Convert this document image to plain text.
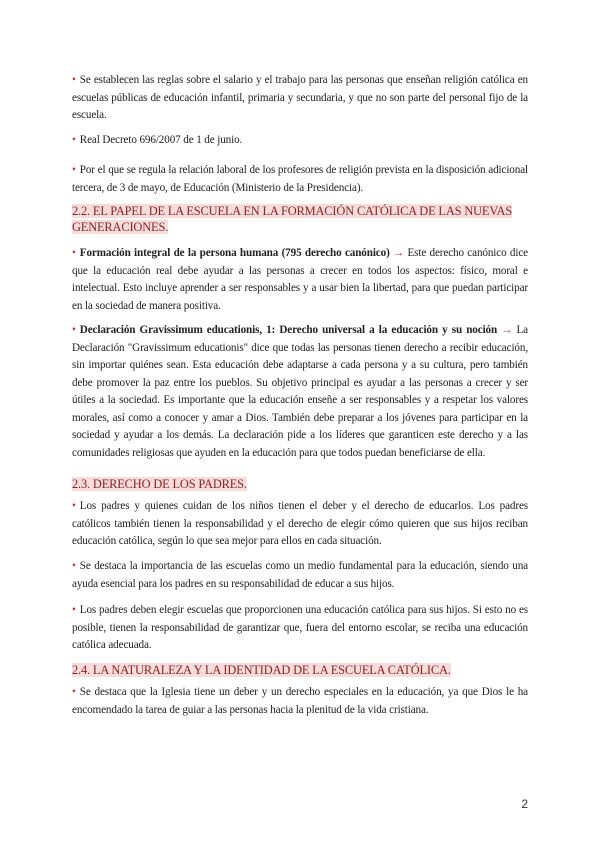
• Se establecen las reglas sobre el salario y el trabajo para las personas que enseñan religión católica en escuelas públicas de educación infantil, primaria y secundaria, y que no son parte del personal fijo de la escuela.

• Real Decreto 696/2007 de 1 de junio.

• Por el que se regula la relación laboral de los profesores de religión prevista en la disposición adicional tercera, de 3 de mayo, de Educación (Ministerio de la Presidencia).

2.2. EL PAPEL DE LA ESCUELA EN LA FORMACIÓN CATÓLICA DE LAS NUEVAS GENERACIONES.

• Formación integral de la persona humana (795 derecho canónico) → Este derecho canónico dice que la educación real debe ayudar a las personas a crecer en todos los aspectos: físico, moral e intelectual. Esto incluye aprender a ser responsables y a usar bien la libertad, para que puedan participar en la sociedad de manera positiva.

• Declaración Gravissimum educationis, 1: Derecho universal a la educación y su noción → La Declaración "Gravissimum educationis" dice que todas las personas tienen derecho a recibir educación, sin importar quiénes sean. Esta educación debe adaptarse a cada persona y a su cultura, pero también debe promover la paz entre los pueblos. Su objetivo principal es ayudar a las personas a crecer y ser útiles a la sociedad. Es importante que la educación enseñe a ser responsables y a respetar los valores morales, así como a conocer y amar a Dios. También debe preparar a los jóvenes para participar en la sociedad y ayudar a los demás. La declaración pide a los líderes que garanticen este derecho y a las comunidades religiosas que ayuden en la educación para que todos puedan beneficiarse de ella.

2.3. DERECHO DE LOS PADRES.

• Los padres y quienes cuidan de los niños tienen el deber y el derecho de educarlos. Los padres católicos también tienen la responsabilidad y el derecho de elegir cómo quieren que sus hijos reciban educación católica, según lo que sea mejor para ellos en cada situación.

• Se destaca la importancia de las escuelas como un medio fundamental para la educación, siendo una ayuda esencial para los padres en su responsabilidad de educar a sus hijos.

• Los padres deben elegir escuelas que proporcionen una educación católica para sus hijos. Si esto no es posible, tienen la responsabilidad de garantizar que, fuera del entorno escolar, se reciba una educación católica adecuada.

2.4. LA NATURALEZA Y LA IDENTIDAD DE LA ESCUELA CATÓLICA.

• Se destaca que la Iglesia tiene un deber y un derecho especiales en la educación, ya que Dios le ha encomendado la tarea de guiar a las personas hacia la plenitud de la vida cristiana.

2
